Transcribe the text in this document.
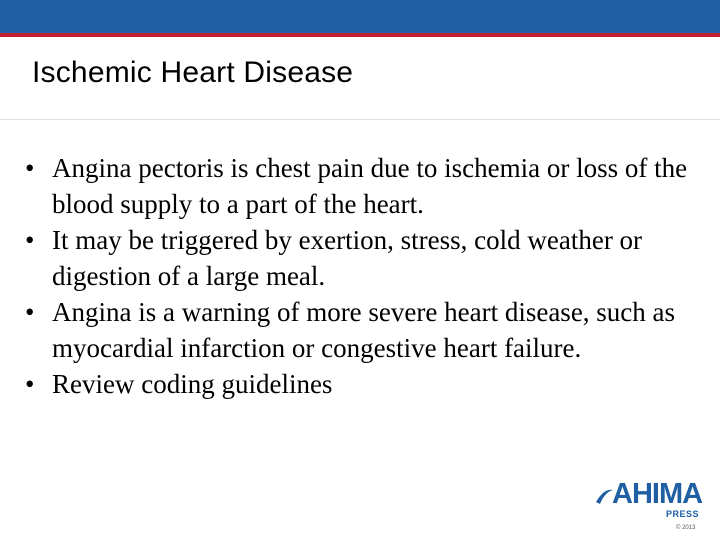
Ischemic Heart Disease
• Angina pectoris is chest pain due to ischemia or loss of the blood supply to a part of the heart.
• It may be triggered by exertion, stress, cold weather or digestion of a large meal.
• Angina is a warning of more severe heart disease, such as myocardial infarction or congestive heart failure.
• Review coding guidelines
AHIMA
PRESS
© 2013
